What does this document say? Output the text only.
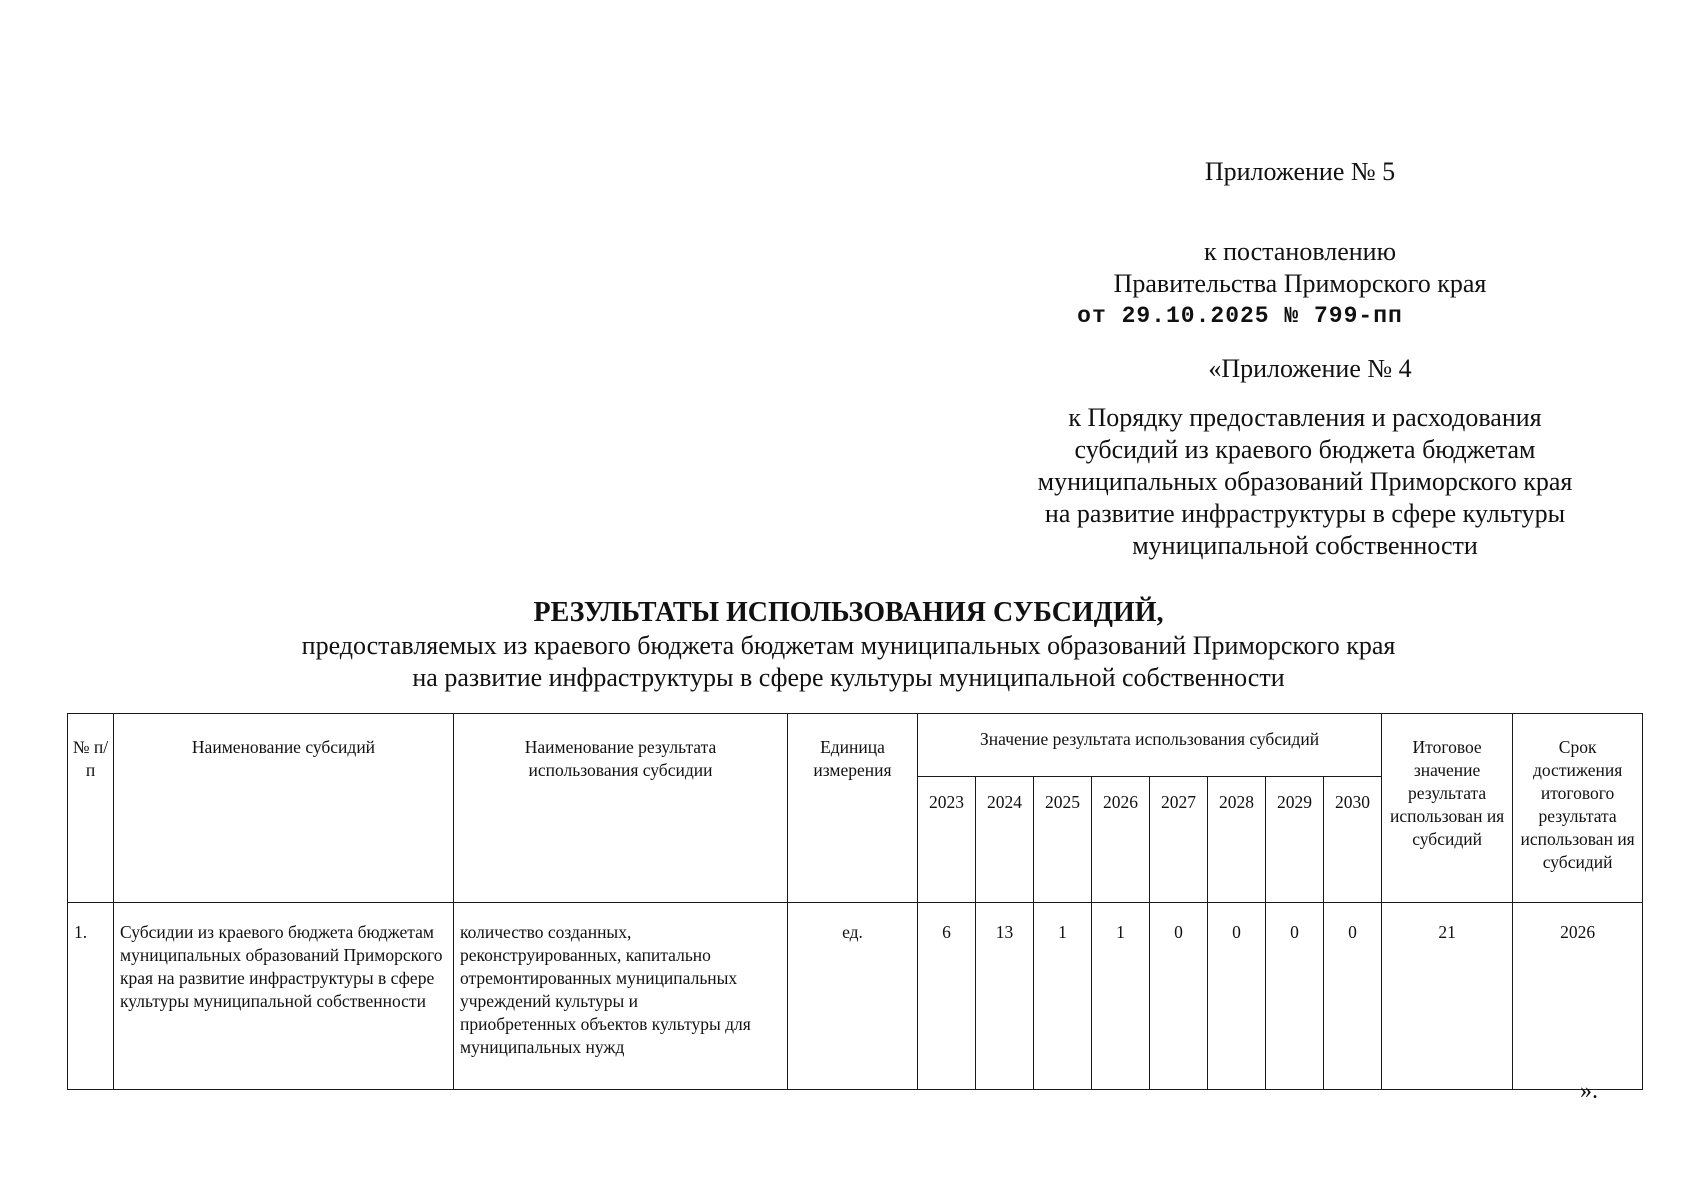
Приложение № 5

к постановлению

Правительства Приморского края

от 29.10.2025 № 799-пп

«Приложение № 4

к Порядку предоставления и расходования

субсидий из краевого бюджета бюджетам

муниципальных образований Приморского края

на развитие инфраструктуры в сфере культуры

муниципальной собственности

РЕЗУЛЬТАТЫ ИСПОЛЬЗОВАНИЯ СУБСИДИЙ,
предоставляемых из краевого бюджета бюджетам муниципальных образований Приморского края
на развитие инфраструктуры в сфере культуры муниципальной собственности
№ п/п	Наименование субсидий	Наименование результата использования субсидии	Единица измерения	Значение результата использования субсидий								Итоговое значение результата использован ия субсидий	Срок достижения итогового результата использован ия субсидий
				2023	2024	2025	2026	2027	2028	2029	2030		
1.	Субсидии из краевого бюджета бюджетам муниципальных образований Приморского края на развитие инфраструктуры в сфере культуры муниципальной собственности	количество созданных, реконструированных, капитально отремонтированных муниципальных учреждений культуры и приобретенных объектов культуры для муниципальных нужд	ед.	6	13	1	1	0	0	0	0	21	2026
».
